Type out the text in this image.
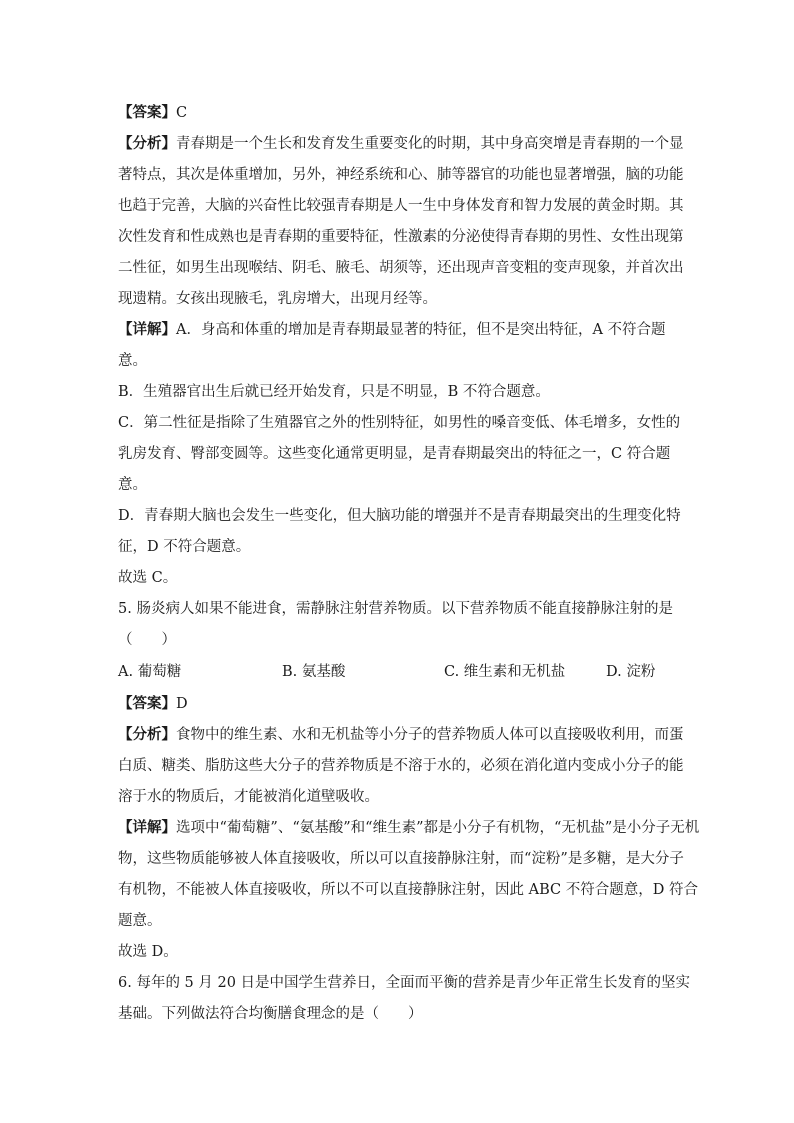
【答案】C
【分析】青春期是一个生长和发育发生重要变化的时期，其中身高突增是青春期的一个显
著特点，其次是体重增加，另外，神经系统和心、肺等器官的功能也显著增强，脑的功能
也趋于完善，大脑的兴奋性比较强青春期是人一生中身体发育和智力发展的黄金时期。其
次性发育和性成熟也是青春期的重要特征，性激素的分泌使得青春期的男性、女性出现第
二性征，如男生出现喉结、阴毛、腋毛、胡须等，还出现声音变粗的变声现象，并首次出
现遗精。女孩出现腋毛，乳房增大，出现月经等。
【详解】A．身高和体重的增加是青春期最显著的特征，但不是突出特征，A 不符合题
意。
B．生殖器官出生后就已经开始发育，只是不明显，B 不符合题意。
C．第二性征是指除了生殖器官之外的性别特征，如男性的嗓音变低、体毛增多，女性的
乳房发育、臀部变圆等。这些变化通常更明显，是青春期最突出的特征之一，C 符合题
意。
D．青春期大脑也会发生一些变化，但大脑功能的增强并不是青春期最突出的生理变化特
征，D 不符合题意。
故选 C。
5. 肠炎病人如果不能进食，需静脉注射营养物质。以下营养物质不能直接静脉注射的是
（　　）
A. 葡萄糖	B. 氨基酸	C. 维生素和无机盐	D. 淀粉
【答案】D
【分析】食物中的维生素、水和无机盐等小分子的营养物质人体可以直接吸收利用，而蛋
白质、糖类、脂肪这些大分子的营养物质是不溶于水的，必须在消化道内变成小分子的能
溶于水的物质后，才能被消化道壁吸收。
【详解】选项中“葡萄糖”、“氨基酸”和“维生素”都是小分子有机物，“无机盐”是小分子无机
物，这些物质能够被人体直接吸收，所以可以直接静脉注射，而“淀粉”是多糖，是大分子
有机物，不能被人体直接吸收，所以不可以直接静脉注射，因此 ABC 不符合题意，D 符合
题意。
故选 D。
6. 每年的 5 月 20 日是中国学生营养日，全面而平衡的营养是青少年正常生长发育的坚实
基础。下列做法符合均衡膳食理念的是（　　）
